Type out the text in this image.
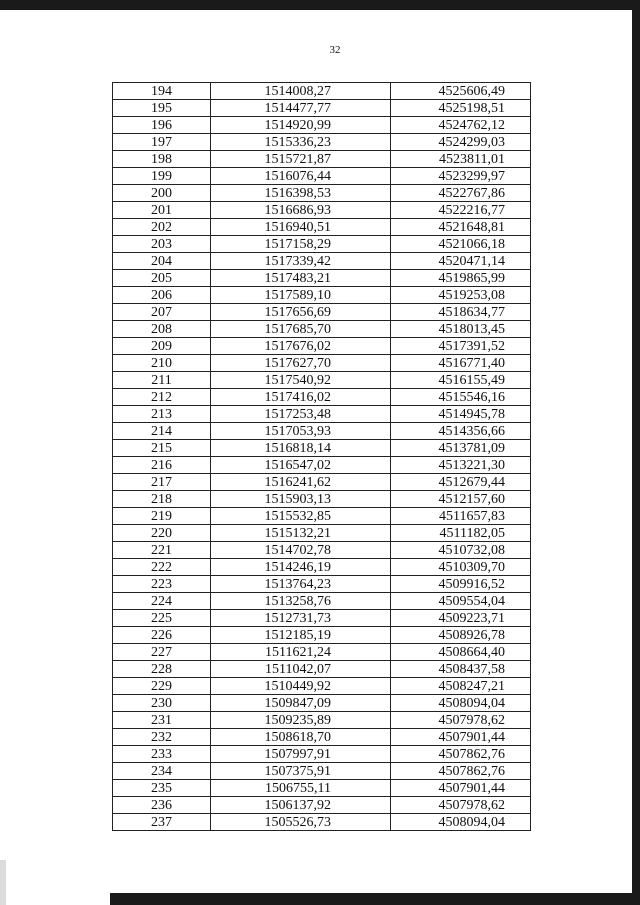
32
194	1514008,27	4525606,49
195	1514477,77	4525198,51
196	1514920,99	4524762,12
197	1515336,23	4524299,03
198	1515721,87	4523811,01
199	1516076,44	4523299,97
200	1516398,53	4522767,86
201	1516686,93	4522216,77
202	1516940,51	4521648,81
203	1517158,29	4521066,18
204	1517339,42	4520471,14
205	1517483,21	4519865,99
206	1517589,10	4519253,08
207	1517656,69	4518634,77
208	1517685,70	4518013,45
209	1517676,02	4517391,52
210	1517627,70	4516771,40
211	1517540,92	4516155,49
212	1517416,02	4515546,16
213	1517253,48	4514945,78
214	1517053,93	4514356,66
215	1516818,14	4513781,09
216	1516547,02	4513221,30
217	1516241,62	4512679,44
218	1515903,13	4512157,60
219	1515532,85	4511657,83
220	1515132,21	4511182,05
221	1514702,78	4510732,08
222	1514246,19	4510309,70
223	1513764,23	4509916,52
224	1513258,76	4509554,04
225	1512731,73	4509223,71
226	1512185,19	4508926,78
227	1511621,24	4508664,40
228	1511042,07	4508437,58
229	1510449,92	4508247,21
230	1509847,09	4508094,04
231	1509235,89	4507978,62
232	1508618,70	4507901,44
233	1507997,91	4507862,76
234	1507375,91	4507862,76
235	1506755,11	4507901,44
236	1506137,92	4507978,62
237	1505526,73	4508094,04
